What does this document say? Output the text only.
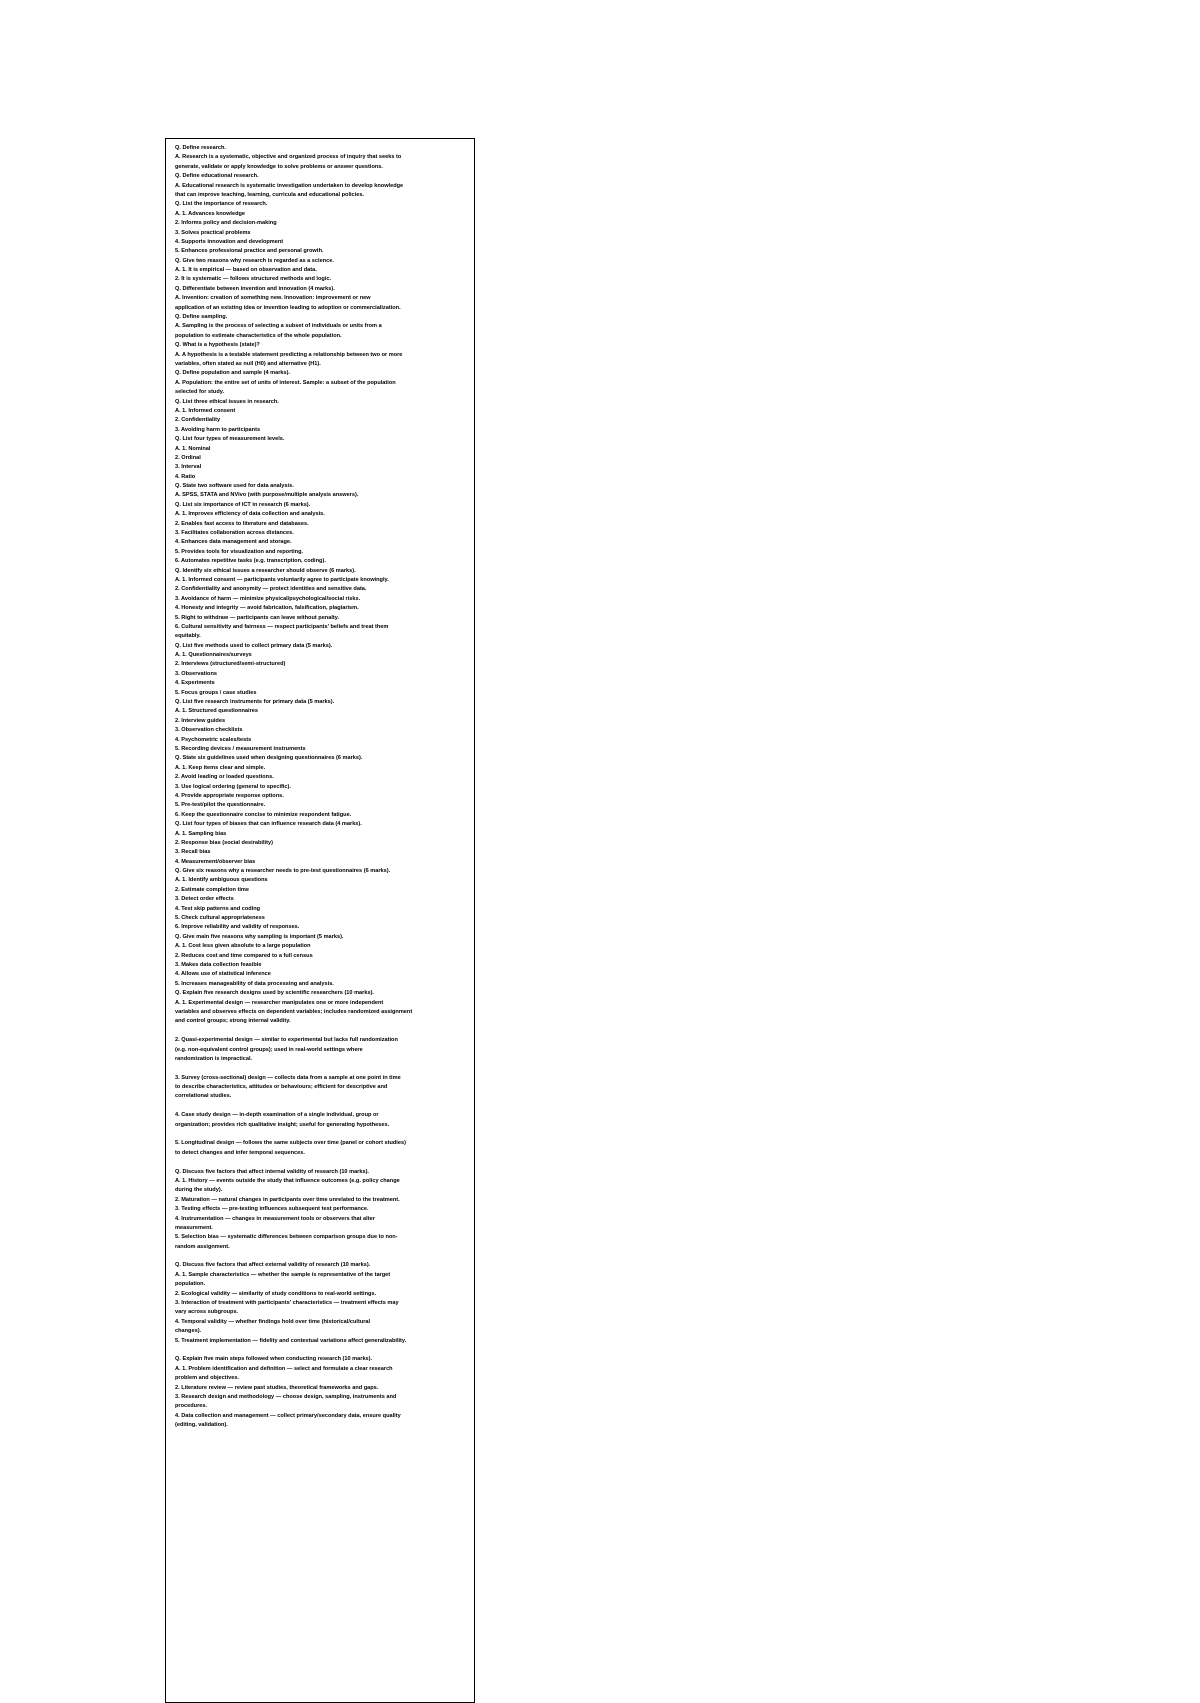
Q. Define research.
A. Research is a systematic, objective and organized process of inquiry that seeks to
generate, validate or apply knowledge to solve problems or answer questions.
Q. Define educational research.
A. Educational research is systematic investigation undertaken to develop knowledge
that can improve teaching, learning, curricula and educational policies.
Q. List the importance of research.
A. 1. Advances knowledge
2. Informs policy and decision-making
3. Solves practical problems
4. Supports innovation and development
5. Enhances professional practice and personal growth.
Q. Give two reasons why research is regarded as a science.
A. 1. It is empirical — based on observation and data.
2. It is systematic — follows structured methods and logic.
Q. Differentiate between invention and innovation (4 marks).
A. Invention: creation of something new. Innovation: improvement or new
application of an existing idea or invention leading to adoption or commercialization.
Q. Define sampling.
A. Sampling is the process of selecting a subset of individuals or units from a
population to estimate characteristics of the whole population.
Q. What is a hypothesis (state)?
A. A hypothesis is a testable statement predicting a relationship between two or more
variables, often stated as null (H0) and alternative (H1).
Q. Define population and sample (4 marks).
A. Population: the entire set of units of interest. Sample: a subset of the population
selected for study.
Q. List three ethical issues in research.
A. 1. Informed consent
2. Confidentiality
3. Avoiding harm to participants
Q. List four types of measurement levels.
A. 1. Nominal
2. Ordinal
3. Interval
4. Ratio
Q. State two software used for data analysis.
A. SPSS, STATA and NVivo (with purpose/multiple analysis answers).
Q. List six importance of ICT in research (6 marks).
A. 1. Improves efficiency of data collection and analysis.
2. Enables fast access to literature and databases.
3. Facilitates collaboration across distances.
4. Enhances data management and storage.
5. Provides tools for visualization and reporting.
6. Automates repetitive tasks (e.g. transcription, coding).
Q. Identify six ethical issues a researcher should observe (6 marks).
A. 1. Informed consent — participants voluntarily agree to participate knowingly.
2. Confidentiality and anonymity — protect identities and sensitive data.
3. Avoidance of harm — minimize physical/psychological/social risks.
4. Honesty and integrity — avoid fabrication, falsification, plagiarism.
5. Right to withdraw — participants can leave without penalty.
6. Cultural sensitivity and fairness — respect participants' beliefs and treat them
equitably.
Q. List five methods used to collect primary data (5 marks).
A. 1. Questionnaires/surveys
2. Interviews (structured/semi-structured)
3. Observations
4. Experiments
5. Focus groups / case studies
Q. List five research instruments for primary data (5 marks).
A. 1. Structured questionnaires
2. Interview guides
3. Observation checklists
4. Psychometric scales/tests
5. Recording devices / measurement instruments
Q. State six guidelines used when designing questionnaires (6 marks).
A. 1. Keep items clear and simple.
2. Avoid leading or loaded questions.
3. Use logical ordering (general to specific).
4. Provide appropriate response options.
5. Pre-test/pilot the questionnaire.
6. Keep the questionnaire concise to minimize respondent fatigue.
Q. List four types of biases that can influence research data (4 marks).
A. 1. Sampling bias
2. Response bias (social desirability)
3. Recall bias
4. Measurement/observer bias
Q. Give six reasons why a researcher needs to pre-test questionnaires (6 marks).
A. 1. Identify ambiguous questions
2. Estimate completion time
3. Detect order effects
4. Test skip patterns and coding
5. Check cultural appropriateness
6. Improve reliability and validity of responses.
Q. Give main five reasons why sampling is important (5 marks).
A. 1. Cost less given absolute to a large population
2. Reduces cost and time compared to a full census
3. Makes data collection feasible
4. Allows use of statistical inference
5. Increases manageability of data processing and analysis.
Q. Explain five research designs used by scientific researchers (10 marks).
A. 1. Experimental design — researcher manipulates one or more independent
variables and observes effects on dependent variables; includes randomized assignment
and control groups; strong internal validity.
2. Quasi-experimental design — similar to experimental but lacks full randomization
(e.g. non-equivalent control groups); used in real-world settings where
randomization is impractical.
3. Survey (cross-sectional) design — collects data from a sample at one point in time
to describe characteristics, attitudes or behaviours; efficient for descriptive and
correlational studies.
4. Case study design — in-depth examination of a single individual, group or
organization; provides rich qualitative insight; useful for generating hypotheses.
5. Longitudinal design — follows the same subjects over time (panel or cohort studies)
to detect changes and infer temporal sequences.
Q. Discuss five factors that affect internal validity of research (10 marks).
A. 1. History — events outside the study that influence outcomes (e.g. policy change
during the study).
2. Maturation — natural changes in participants over time unrelated to the treatment.
3. Testing effects — pre-testing influences subsequent test performance.
4. Instrumentation — changes in measurement tools or observers that alter
measurement.
5. Selection bias — systematic differences between comparison groups due to non-
random assignment.
Q. Discuss five factors that affect external validity of research (10 marks).
A. 1. Sample characteristics — whether the sample is representative of the target
population.
2. Ecological validity — similarity of study conditions to real-world settings.
3. Interaction of treatment with participants' characteristics — treatment effects may
vary across subgroups.
4. Temporal validity — whether findings hold over time (historical/cultural
changes).
5. Treatment implementation — fidelity and contextual variations affect generalizability.
Q. Explain five main steps followed when conducting research (10 marks).
A. 1. Problem identification and definition — select and formulate a clear research
problem and objectives.
2. Literature review — review past studies, theoretical frameworks and gaps.
3. Research design and methodology — choose design, sampling, instruments and
procedures.
4. Data collection and management — collect primary/secondary data, ensure quality
(editing, validation).
